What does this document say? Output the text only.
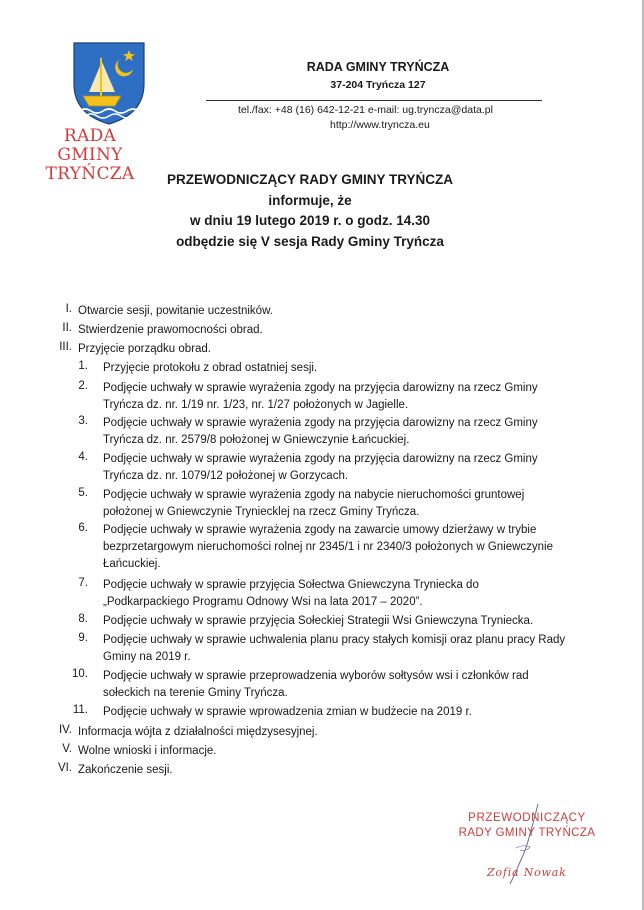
RADA GMINY
TRYŃCZA
RADA GMINY TRYŃCZA
37-204 Tryńcza 127
tel./fax: +48 (16) 642-12-21 e-mail: ug.tryncza@data.pl
http://www.tryncza.eu
PRZEWODNICZĄCY RADY GMINY TRYŃCZA
informuje, że
w dniu 19 lutego 2019 r. o godz. 14.30
odbędzie się V sesja Rady Gminy Tryńcza
I. Otwarcie sesji, powitanie uczestników.
II. Stwierdzenie prawomocności obrad.
III. Przyjęcie porządku obrad.
1. Przyjęcie protokołu z obrad ostatniej sesji.
2. Podjęcie uchwały w sprawie wyrażenia zgody na przyjęcia darowizny na rzecz Gminy
Tryńcza dz. nr. 1/19 nr. 1/23, nr. 1/27 położonych w Jagielle.
3. Podjęcie uchwały w sprawie wyrażenia zgody na przyjęcia darowizny na rzecz Gminy
Tryńcza dz. nr. 2579/8 położonej w Gniewczynie Łańcuckiej.
4. Podjęcie uchwały w sprawie wyrażenia zgody na przyjęcia darowizny na rzecz Gminy
Tryńcza dz. nr. 1079/12 położonej w Gorzycach.
5. Podjęcie uchwały w sprawie wyrażenia zgody na nabycie nieruchomości gruntowej
położonej w Gniewczynie Tryniecklej na rzecz Gminy Tryńcza.
6. Podjęcie uchwały w sprawie wyrażenia zgody na zawarcie umowy dzierżawy w trybie
bezprzetargowym nieruchomości rolnej nr 2345/1 i nr 2340/3 położonych w Gniewczynie
Łańcuckiej.
7. Podjęcie uchwały w sprawie przyjęcia Sołectwa Gniewczyna Tryniecka do
„Podkarpackiego Programu Odnowy Wsi na lata 2017 – 2020”.
8. Podjęcie uchwały w sprawie przyjęcia Sołeckiej Strategii Wsi Gniewczyna Tryniecka.
9. Podjęcie uchwały w sprawie uchwalenia planu pracy stałych komisji oraz planu pracy Rady
Gminy na 2019 r.
10. Podjęcie uchwały w sprawie przeprowadzenia wyborów sołtysów wsi i członków rad
sołeckich na terenie Gminy Tryńcza.
11. Podjęcie uchwały w sprawie wprowadzenia zmian w budżecie na 2019 r.
IV. Informacja wójta z działalności międzysesyjnej.
V. Wolne wnioski i informacje.
VI. Zakończenie sesji.
PRZEWODNICZĄCY
RADY GMINY TRYŃCZA
Zofia Nowak
